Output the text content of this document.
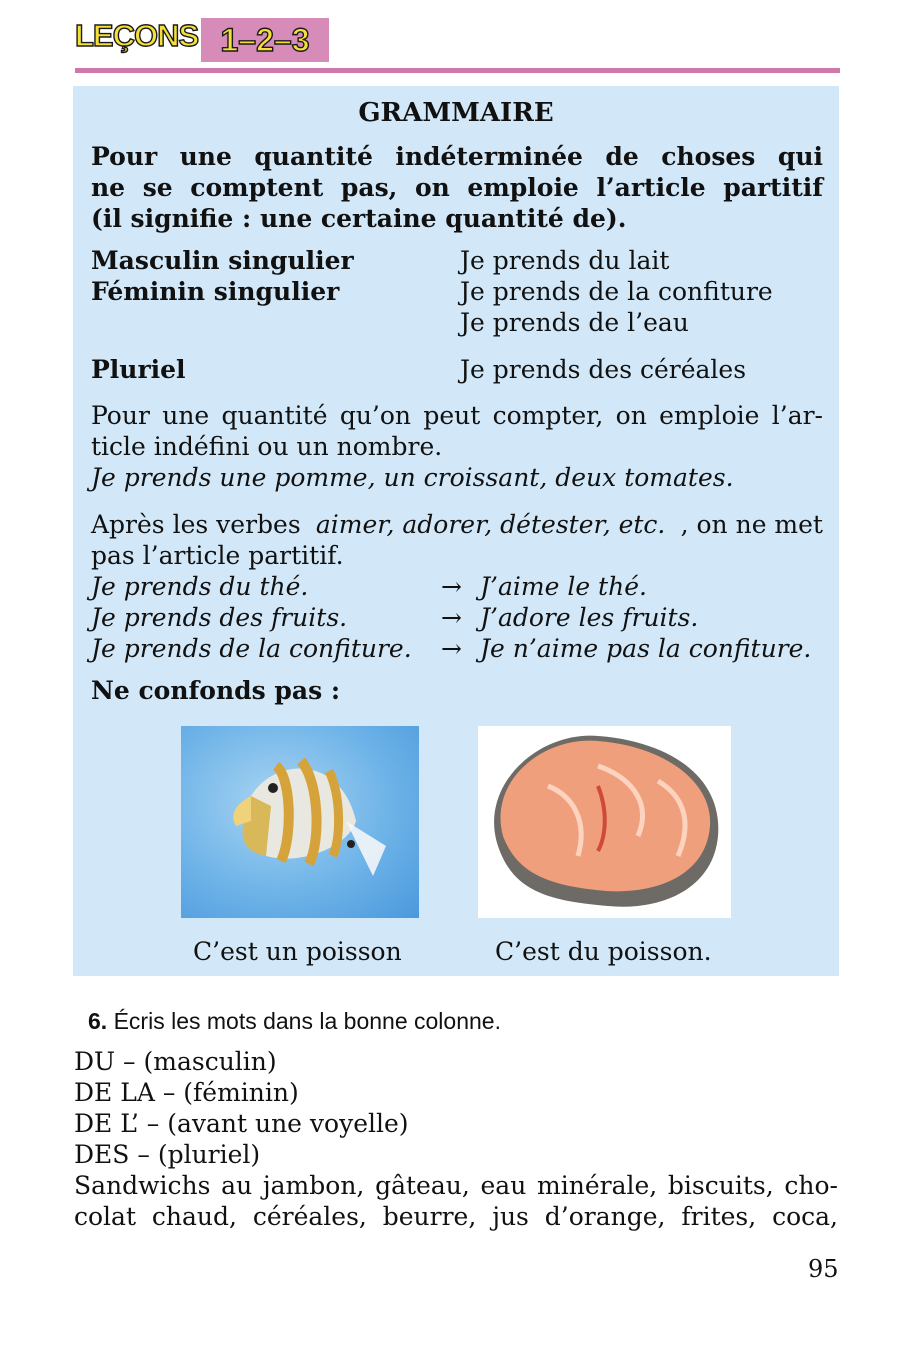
LEÇONS 1–2–3
GRAMMAIRE
Pour une quantité indéterminée de choses qui
ne se comptent pas, on emploie l’article partitif
(il signifie : une certaine quantité de).
Masculin singulier	Je prends du lait
Féminin singulier	Je prends de la confiture
Je prends de l’eau
Pluriel	Je prends des céréales
Pour une quantité qu’on peut compter, on emploie l’ar-
ticle indéfini ou un nombre.
Je prends une pomme, un croissant, deux tomates.
Après les verbes aimer, adorer, détester, etc. , on ne met
pas l’article partitif.
Je prends du thé.	→ J’aime le thé.
Je prends des fruits.	→ J’adore les fruits.
Je prends de la confiture. → Je n’aime pas la confiture.
Ne confonds pas :
C’est un poisson	C’est du poisson.
6. Écris les mots dans la bonne colonne.
DU – (masculin)
DE LA – (féminin)
DE L’ – (avant une voyelle)
DES – (pluriel)
Sandwichs au jambon, gâteau, eau minérale, biscuits, cho-
colat chaud, céréales, beurre, jus d’orange, frites, coca,
95
